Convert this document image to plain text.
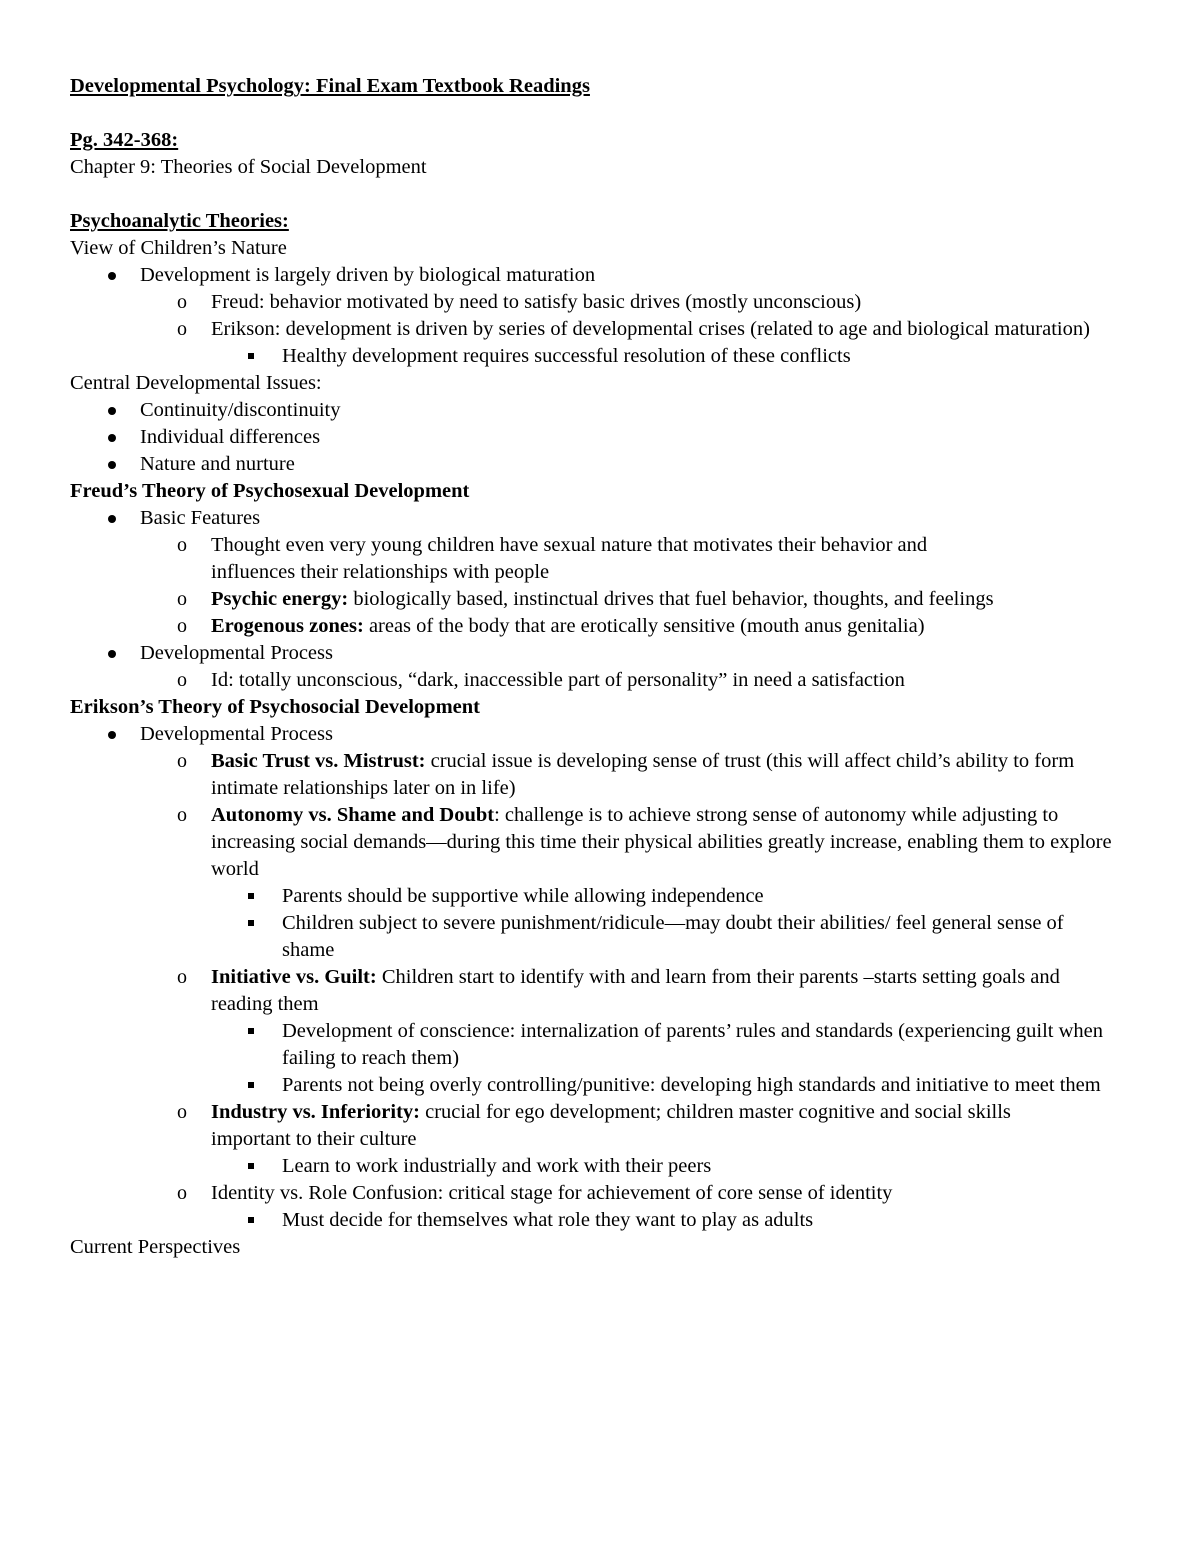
Developmental Psychology: Final Exam Textbook Readings

Pg. 342-368:

Chapter 9: Theories of Social Development

Psychoanalytic Theories:

View of Children’s Nature

Development is largely driven by biological maturation
o Freud: behavior motivated by need to satisfy basic drives (mostly unconscious)
o Erikson: development is driven by series of developmental crises (related to age and biological maturation)
Healthy development requires successful resolution of these conflicts

Central Developmental Issues:

Continuity/discontinuity
Individual differences
Nature and nurture

Freud’s Theory of Psychosexual Development

Basic Features
o Thought even very young children have sexual nature that motivates their behavior and influences their relationships with people
o Psychic energy: biologically based, instinctual drives that fuel behavior, thoughts, and feelings
o Erogenous zones: areas of the body that are erotically sensitive (mouth anus genitalia)
Developmental Process
o Id: totally unconscious, “dark, inaccessible part of personality” in need a satisfaction

Erikson’s Theory of Psychosocial Development

Developmental Process
o Basic Trust vs. Mistrust: crucial issue is developing sense of trust (this will affect child’s ability to form intimate relationships later on in life)
o Autonomy vs. Shame and Doubt: challenge is to achieve strong sense of autonomy while adjusting to increasing social demands—during this time their physical abilities greatly increase, enabling them to explore world
Parents should be supportive while allowing independence
Children subject to severe punishment/ridicule—may doubt their abilities/ feel general sense of shame
o Initiative vs. Guilt: Children start to identify with and learn from their parents –starts setting goals and reading them
Development of conscience: internalization of parents’ rules and standards (experiencing guilt when failing to reach them)
Parents not being overly controlling/punitive: developing high standards and initiative to meet them
o Industry vs. Inferiority: crucial for ego development; children master cognitive and social skills important to their culture
Learn to work industrially and work with their peers
o Identity vs. Role Confusion: critical stage for achievement of core sense of identity
Must decide for themselves what role they want to play as adults

Current Perspectives
